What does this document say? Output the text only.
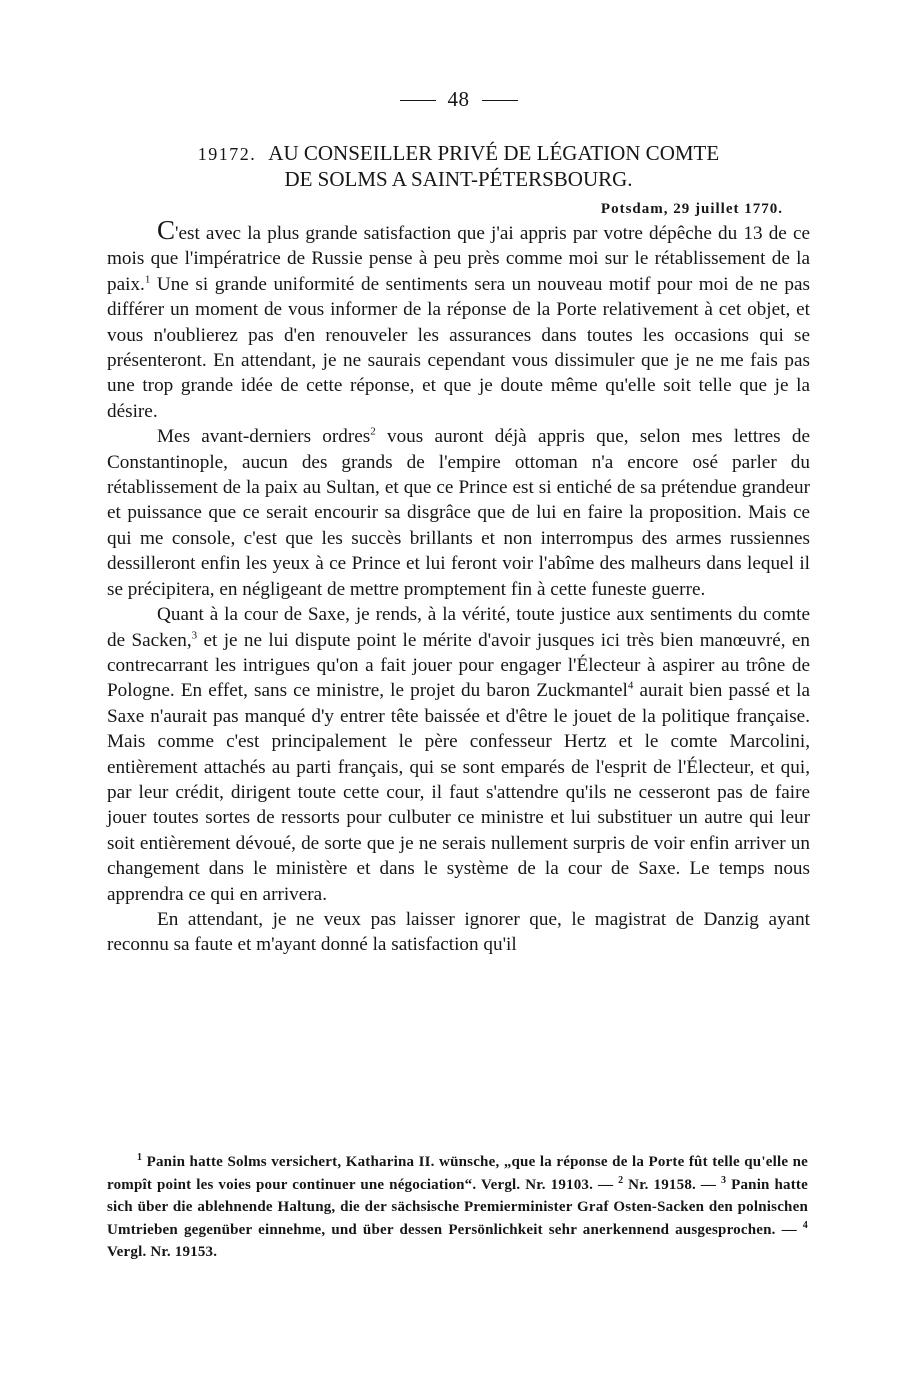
48
19172. AU CONSEILLER PRIVÉ DE LÉGATION COMTE
DE SOLMS A SAINT-PÉTERSBOURG.
Potsdam, 29 juillet 1770.

C'est avec la plus grande satisfaction que j'ai appris par votre dépêche du 13 de ce mois que l'impératrice de Russie pense à peu près comme moi sur le rétablissement de la paix.$^1$ Une si grande uniformité de sentiments sera un nouveau motif pour moi de ne pas différer un moment de vous informer de la réponse de la Porte relativement à cet objet, et vous n'oublierez pas d'en renouveler les assurances dans toutes les occasions qui se présenteront. En attendant, je ne saurais cependant vous dissimuler que je ne me fais pas une trop grande idée de cette réponse, et que je doute même qu'elle soit telle que je la désire.

Mes avant-derniers ordres$^2$ vous auront déjà appris que, selon mes lettres de Constantinople, aucun des grands de l'empire ottoman n'a encore osé parler du rétablissement de la paix au Sultan, et que ce Prince est si entiché de sa prétendue grandeur et puissance que ce serait encourir sa disgrâce que de lui en faire la proposition. Mais ce qui me console, c'est que les succès brillants et non interrompus des armes russiennes dessilleront enfin les yeux à ce Prince et lui feront voir l'abîme des malheurs dans lequel il se précipitera, en négligeant de mettre promptement fin à cette funeste guerre.

Quant à la cour de Saxe, je rends, à la vérité, toute justice aux sentiments du comte de Sacken,$^3$ et je ne lui dispute point le mérite d'avoir jusques ici très bien manœuvré, en contrecarrant les intrigues qu'on a fait jouer pour engager l'Électeur à aspirer au trône de Pologne. En effet, sans ce ministre, le projet du baron Zuckmantel$^4$ aurait bien passé et la Saxe n'aurait pas manqué d'y entrer tête baissée et d'être le jouet de la politique française. Mais comme c'est principalement le père confesseur Hertz et le comte Marcolini, entièrement attachés au parti français, qui se sont emparés de l'esprit de l'Électeur, et qui, par leur crédit, dirigent toute cette cour, il faut s'attendre qu'ils ne cesseront pas de faire jouer toutes sortes de ressorts pour culbuter ce ministre et lui substituer un autre qui leur soit entièrement dévoué, de sorte que je ne serais nullement surpris de voir enfin arriver un changement dans le ministère et dans le système de la cour de Saxe. Le temps nous apprendra ce qui en arrivera.

En attendant, je ne veux pas laisser ignorer que, le magistrat de Danzig ayant reconnu sa faute et m'ayant donné la satisfaction qu'il

$^1$ Panin hatte Solms versichert, Katharina II. wünsche, „que la réponse de la Porte fût telle qu'elle ne rompît point les voies pour continuer une négociation“. Vergl. Nr. 19103. — $^2$ Nr. 19158. — $^3$ Panin hatte sich über die ablehnende Haltung, die der sächsische Premierminister Graf Osten-Sacken den polnischen Umtrieben gegenüber einnehme, und über dessen Persönlichkeit sehr anerkennend ausgesprochen. — $^4$ Vergl. Nr. 19153.
